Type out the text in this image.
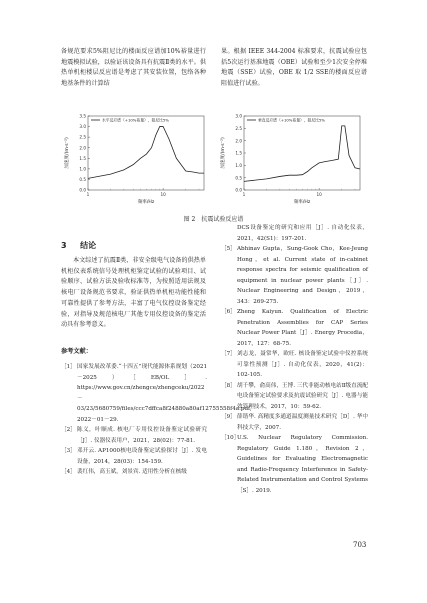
备规范要求5%阻尼比的楼面反应谱加10%裕量进行地震模拟试验，以验证该设备具有抗震Ⅱ类的水平。供热单机柜楼层反应谱是考虑了其安装位置，包络各种地基条件的计算结

果。根据 IEEE 344-2004 标准要求，抗震试验应包括5次运行基准地震（OBE）试验和至少1次安全停堆地震（SSE）试验，OBE 取 1/2 SSE的楼面反应谱阻值进行试验。

0.0
0.5
1.0
1.5
2.0
2.5
3.0
3.5
1	10
水平反应谱（+10%裕量），阻尼比5%
频率/Hz
加速度/(m·s⁻²)
0.0
0.5
1.0
1.5
2.0
2.5
3.0
1	10
垂直反应谱（+10%裕量），阻尼比5%
频率/Hz
加速度/(m·s⁻²)
图 2　抗震试验反应谱
3 结论
本文综述了抗震Ⅱ类、非安全级电气设备的供热单机柜仪表系统信号处理机柜鉴定试验的试验项目、试验顺序、试验方法及验收标准等，为按照适用法规及核电厂设备规范书要求，验证供热单机柜功能性能和可靠性提供了参考方法，丰富了电气仪控设备鉴定经验，对指导及规范核电厂其他专用仪控设备的鉴定活动具有参考意义。
参考文献：

［1］ 国家发展改革委.“十四五”现代能源体系规划（2021－2025）［EB/OL］. https://www.gov.cn/zhengce/zhengceku/2022－03/23/5680759/files/ccc7dffca8f24880a80af12755558f4a.pdf, 2022－01－29.

［2］ 陈义，叶顺成. 核电厂专用仪控设备鉴定试验研究［J］. 仪器仪表用户，2021，28(02)：77-81.

［3］ 邓开云. AP1000核电设备鉴定试验探讨［J］. 发电设备，2014，28(03)：154-159.

［4］ 裴红伟，高玉斌，刘景宾. 适用性分析在核级

DCS设备鉴定的研究和应用［J］. 自动化仪表，2021，42(S1)：197-201.

［5］ Abhinav Gupta，Sung-Gook Cho，Kee-Jeung Hong，et al. Current state of in-cabinet response spectra for seismic qualification of equipment in nuclear power plants［J］. Nuclear Engineering and Design，2019，343：269-275.

［6］ Zheng Kaiyun. Qualification of Electric Penetration Assemblies for CAP Series Nuclear Power Plant［J］. Energy Procedia，2017，127：68-75.

［7］ 刘志龙，聂常华，欧旺. 核设备鉴定试验中仪控系统可靠性预测［J］. 自动化仪表，2020，41(2)：102-105.

［8］ 胡千攀，俞高伟，王博. 三代非能动核电站Ⅱ级直流配电设备鉴定试验要求及抗震试验研究［J］. 电器与能效管理技术，2017，10：59-62.

［9］ 薛谐华. 高精度多通道温度测量技术研究［D］. 华中科技大学，2007.

［10］
U.S. Nuclear Regulatory Commission. Regulatory Guide 1.180，Revision 2，Guidelines for Evaluating Electromagnetic and Radio-Frequency Interference in Safety-Related Instrumentation and Control Systems［S］. 2019.

703
